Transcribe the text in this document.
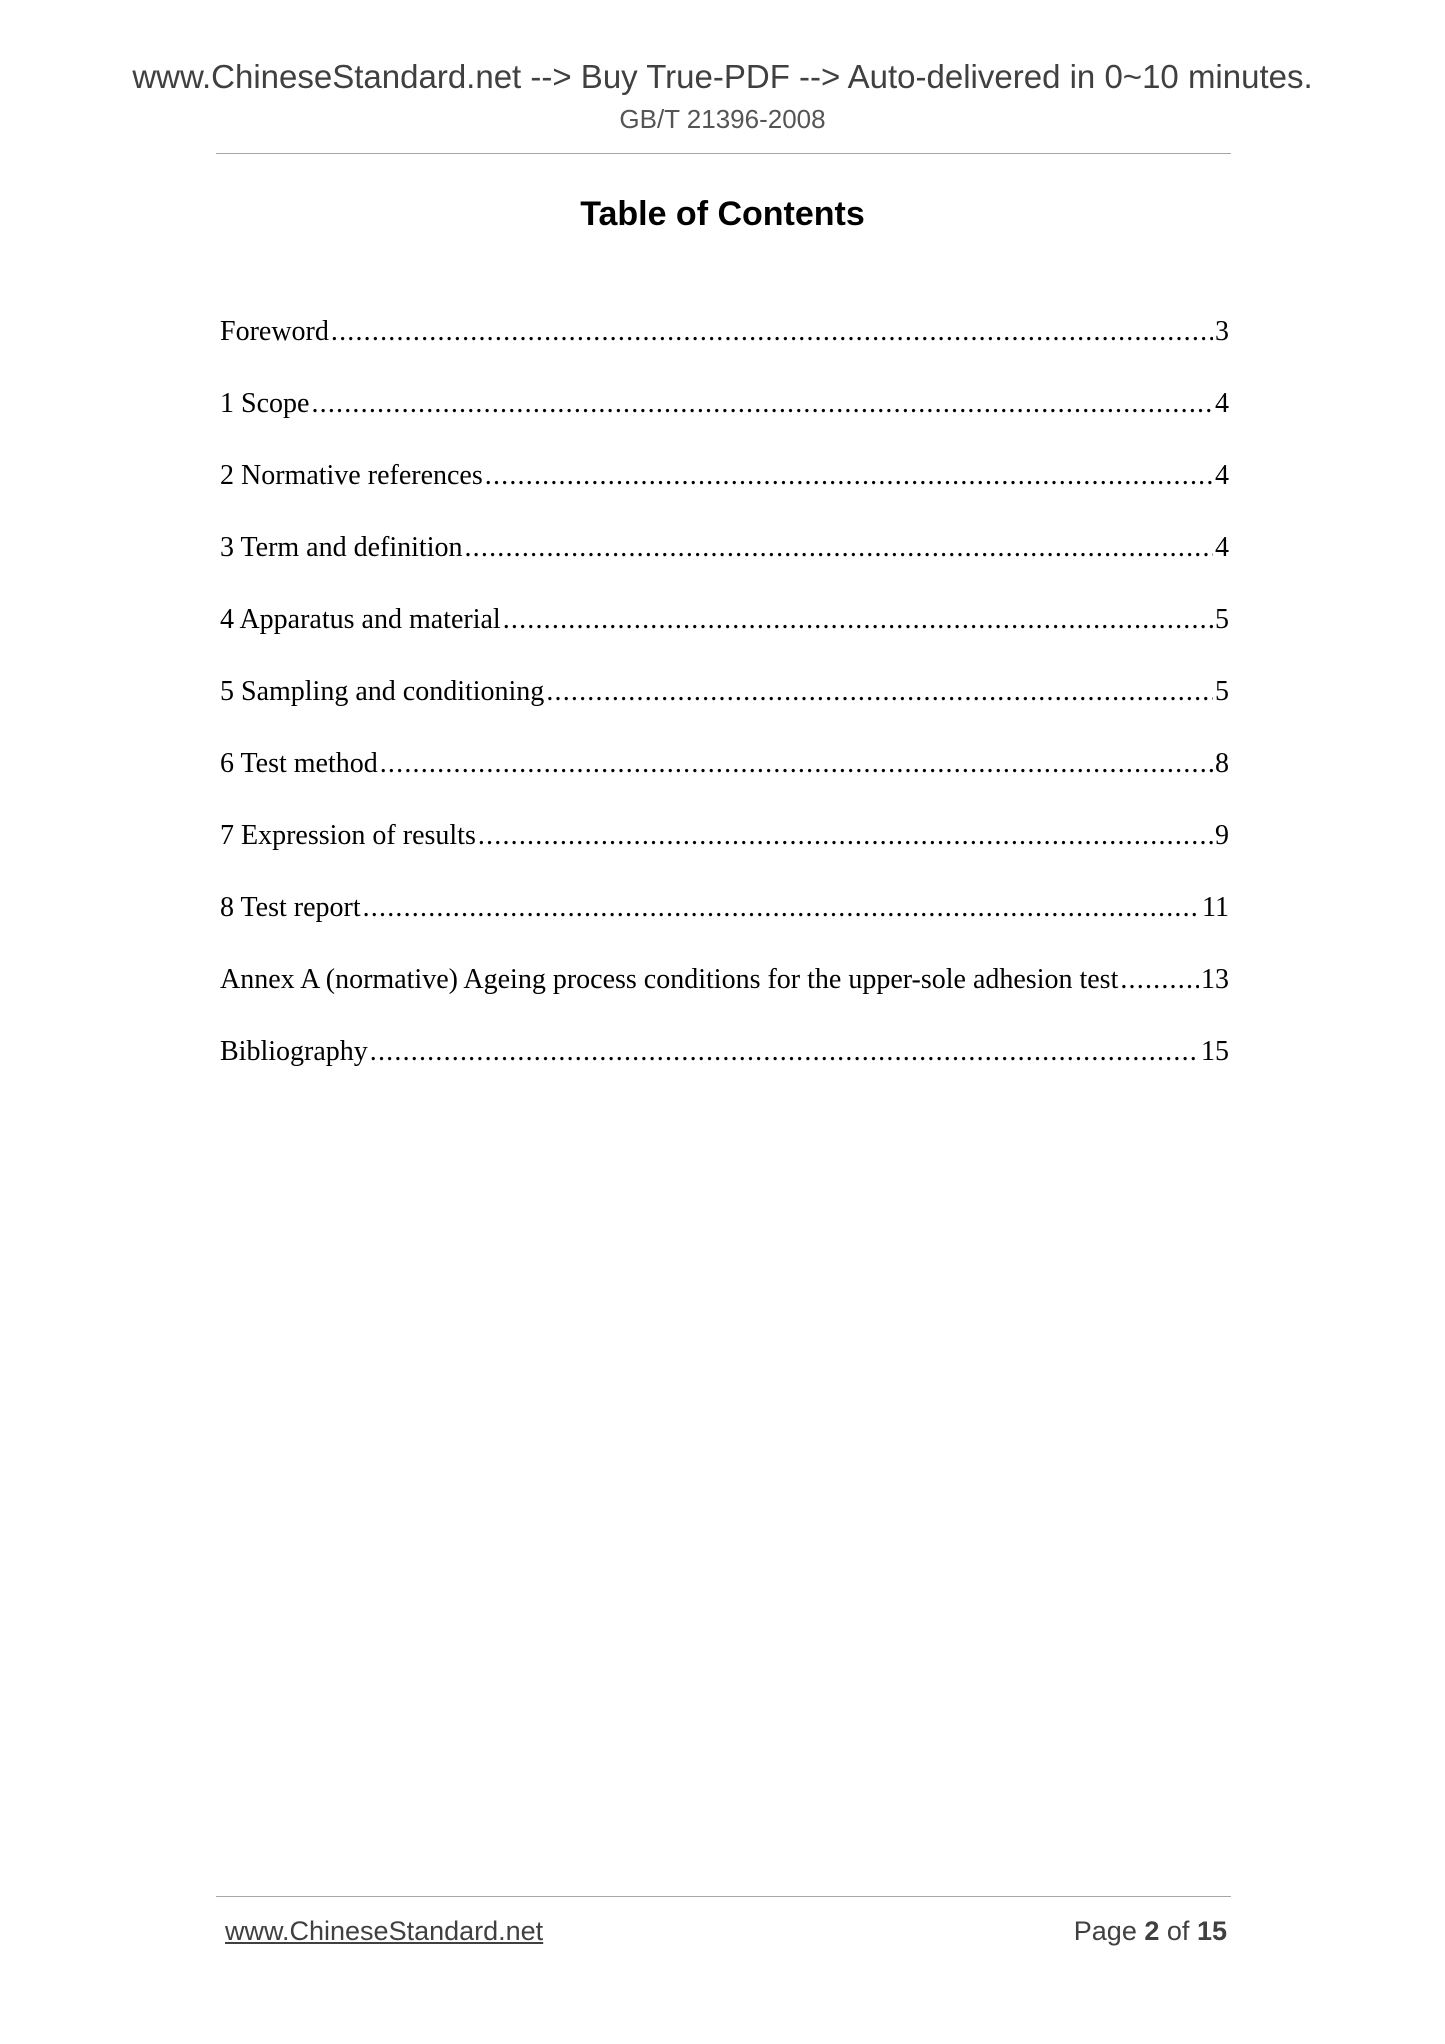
www.ChineseStandard.net --> Buy True-PDF --> Auto-delivered in 0~10 minutes.
GB/T 21396-2008
Table of Contents
Foreword .....	3
1 Scope .....	4
2 Normative references .....	4
3 Term and definition .....	4
4 Apparatus and material .....	5
5 Sampling and conditioning .....	5
6 Test method .....	8
7 Expression of results .....	9
8 Test report .....	11
Annex A (normative) Ageing process conditions for the upper-sole adhesion test .....	13
Bibliography .....	15
www.ChineseStandard.net	Page 2 of 15
